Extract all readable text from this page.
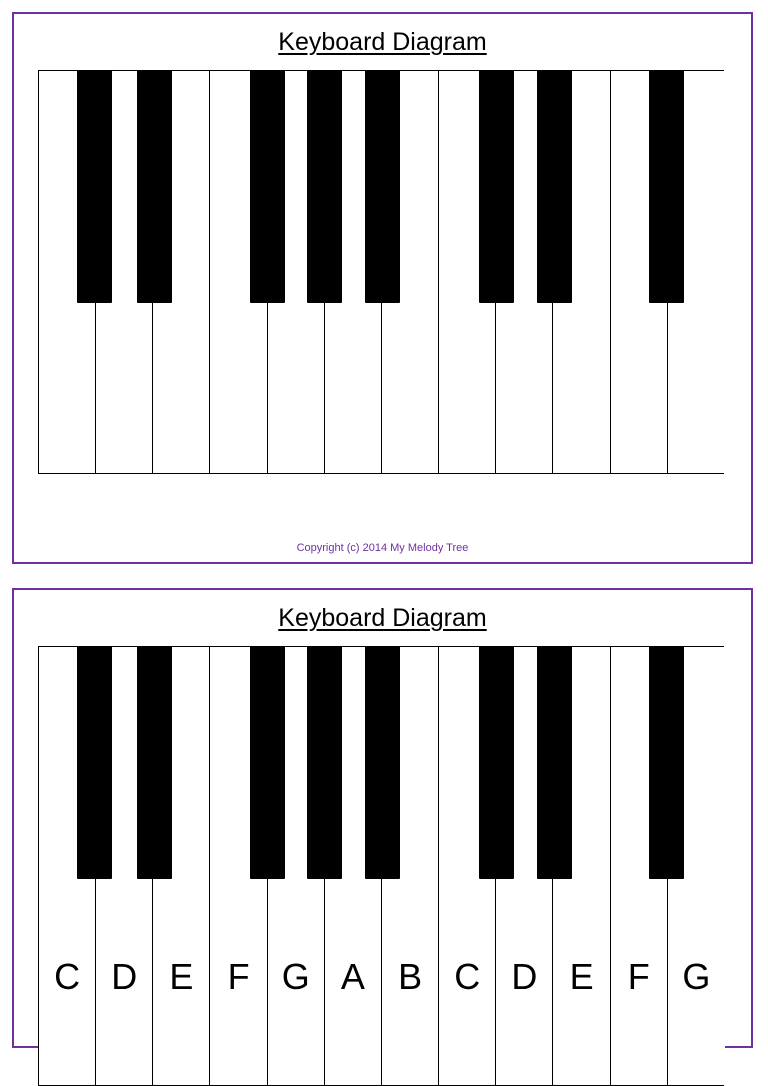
Keyboard Diagram
Copyright (c) 2014 My Melody Tree
Keyboard Diagram
C D E F G A B C D E F G
